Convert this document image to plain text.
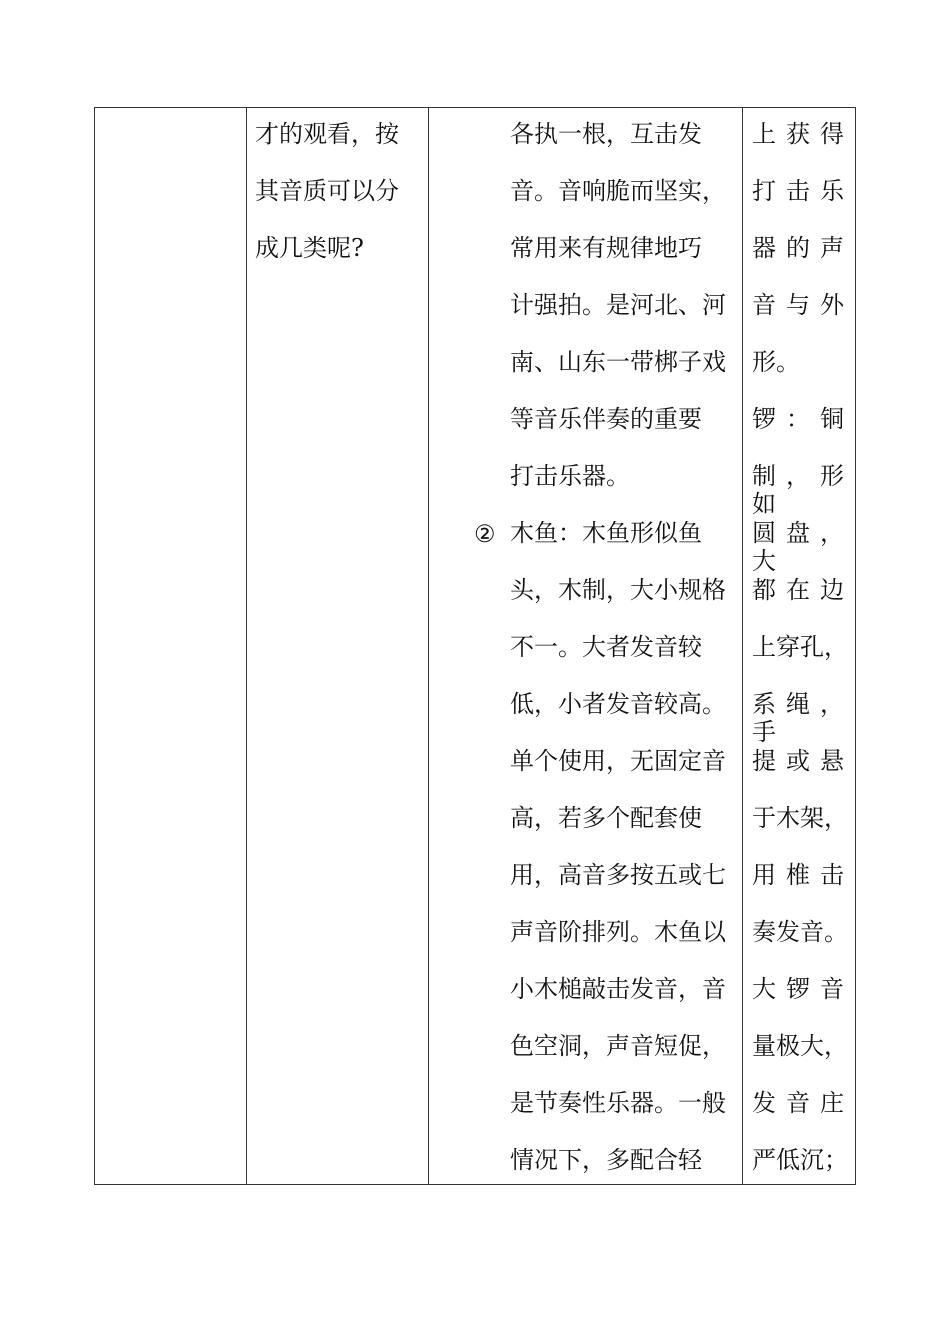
才的观看，按
其音质可以分
成几类呢?
②
各执一根，互击发
音。音响脆而坚实，
常用来有规律地巧
计强拍。是河北、河
南、山东一带梆子戏
等音乐伴奏的重要
打击乐器。
木鱼：木鱼形似鱼
头，木制，大小规格
不一。大者发音较
低，小者发音较高。
单个使用，无固定音
高，若多个配套使
用，高音多按五或七
声音阶排列。木鱼以
小木槌敲击发音，音
色空洞，声音短促，
是节奏性乐器。一般
情况下，多配合轻
上获得
打击乐
器的声
音与外
形。
锣：铜
制，形如
圆盘，大
都在边
上穿孔，
系绳，手
提或悬
于木架，
用椎击
奏发音。
大锣音
量极大，
发音庄
严低沉；
